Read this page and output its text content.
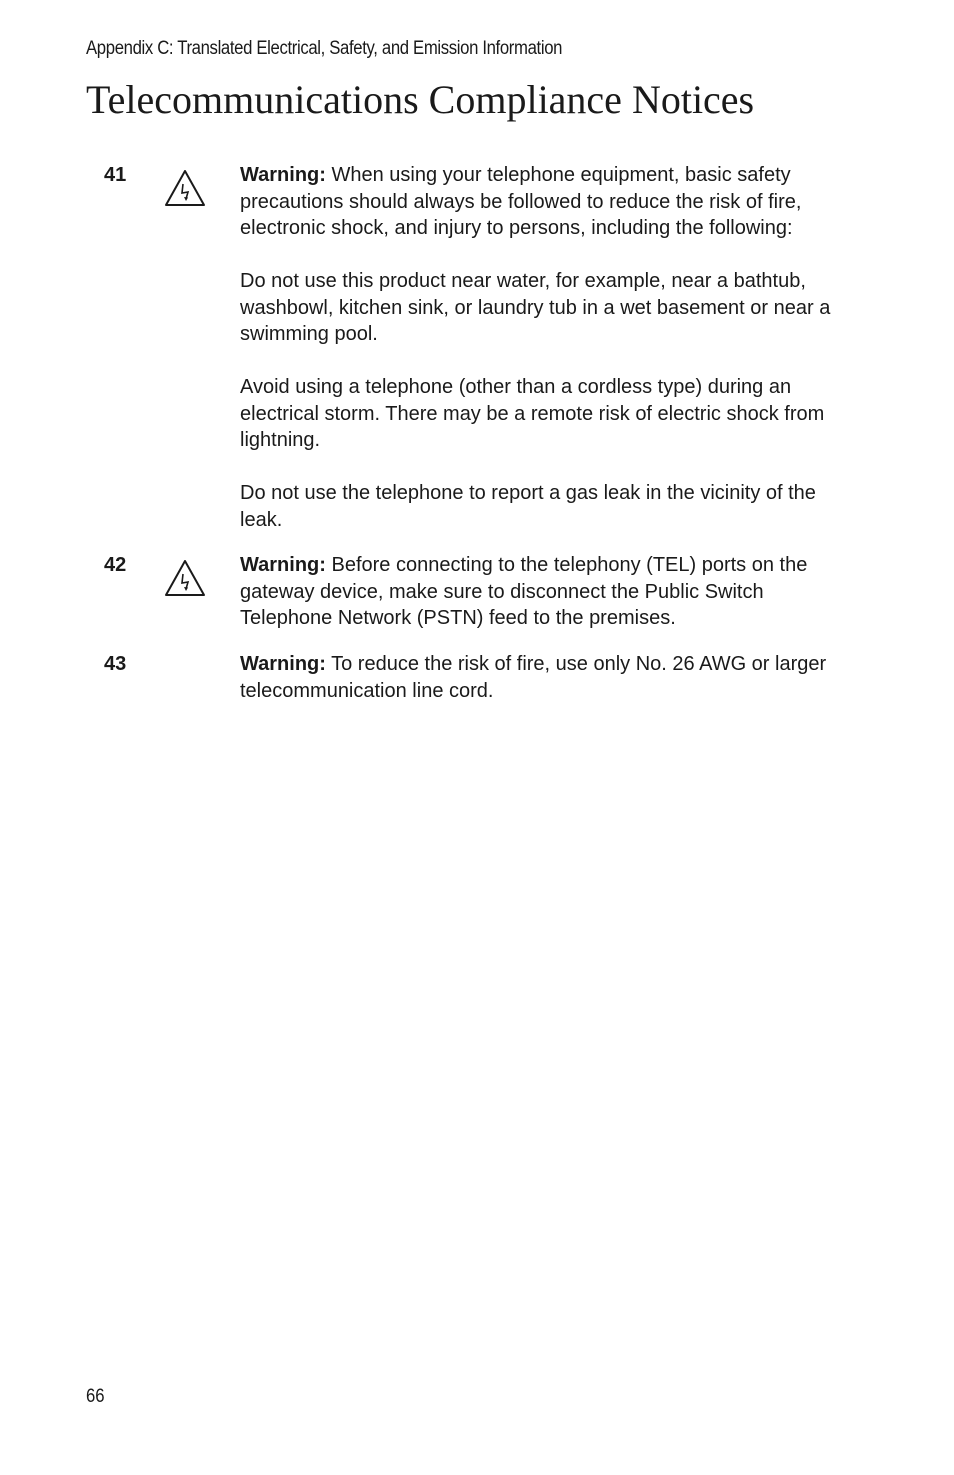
Appendix C: Translated Electrical, Safety, and Emission Information
Telecommunications Compliance Notices
41	Warning: When using your telephone equipment, basic safety precautions should always be followed to reduce the risk of fire, electronic shock, and injury to persons, including the following:

Do not use this product near water, for example, near a bathtub, washbowl, kitchen sink, or laundry tub in a wet basement or near a swimming pool.

Avoid using a telephone (other than a cordless type) during an electrical storm. There may be a remote risk of electric shock from lightning.

Do not use the telephone to report a gas leak in the vicinity of the leak.

42	Warning: Before connecting to the telephony (TEL) ports on the gateway device, make sure to disconnect the Public Switch Telephone Network (PSTN) feed to the premises.

43	Warning: To reduce the risk of fire, use only No. 26 AWG or larger telecommunication line cord.

66
